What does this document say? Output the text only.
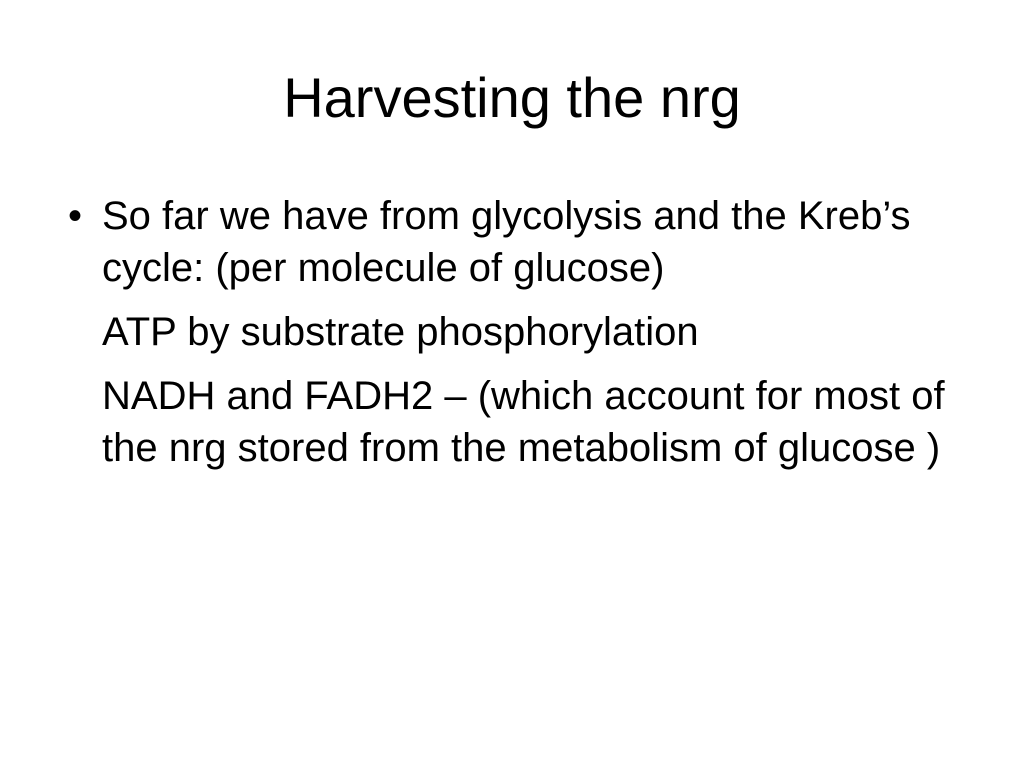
Harvesting the nrg
• So far we have from glycolysis and the Kreb’s cycle: (per molecule of glucose)
ATP by substrate phosphorylation
NADH and FADH2 – (which account for most of the nrg stored from the metabolism of glucose )
